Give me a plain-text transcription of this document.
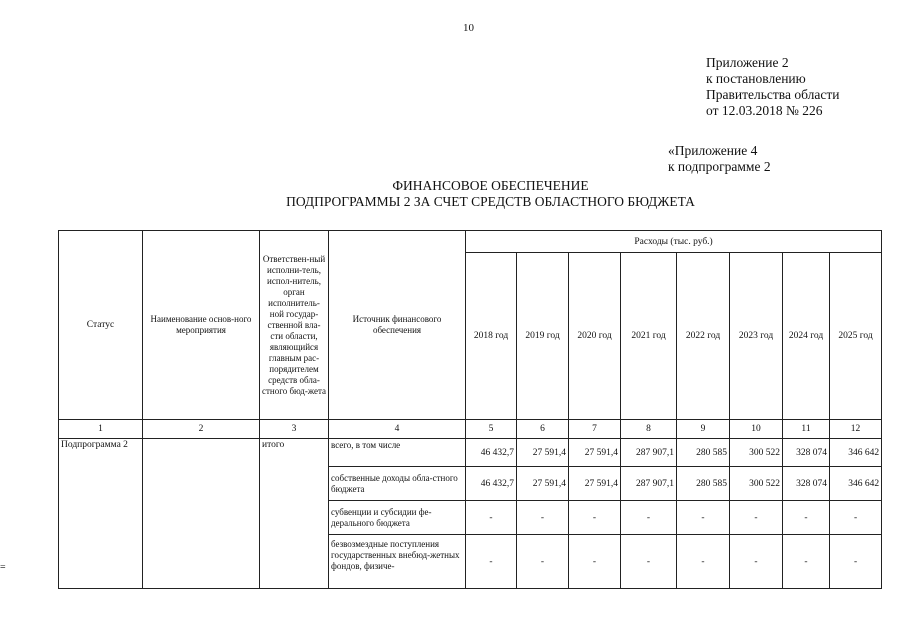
10
Приложение 2
к постановлению
Правительства области
от 12.03.2018 № 226
«Приложение 4
к подпрограмме 2
ФИНАНСОВОЕ ОБЕСПЕЧЕНИЕ
ПОДПРОГРАММЫ 2 ЗА СЧЕТ СРЕДСТВ ОБЛАСТНОГО БЮДЖЕТА
=
Статус	Наименование основ-ного мероприятия	Ответствен-ный исполни-тель, испол-нитель, орган исполнитель-ной государ-ственной вла-сти области, являющийся главным рас-порядителем средств обла-стного бюд-жета	Источник финансового обеспечения	Расходы (тыс. руб.)							
				2018 год	2019 год	2020 год	2021 год	2022 год	2023 год	2024 год	2025 год
1	2	3	4	5	6	7	8	9	10	11	12
Подпрограмма 2		итого	всего, в том числе	46 432,7	27 591,4	27 591,4	287 907,1	280 585	300 522	328 074	346 642
			собственные доходы обла-стного бюджета	46 432,7	27 591,4	27 591,4	287 907,1	280 585	300 522	328 074	346 642
			субвенции и субсидии фе-дерального бюджета	-	-	-	-	-	-	-	-
			безвозмездные поступления государственных внебюд-жетных фондов, физиче-	-	-	-	-	-	-	-	-
